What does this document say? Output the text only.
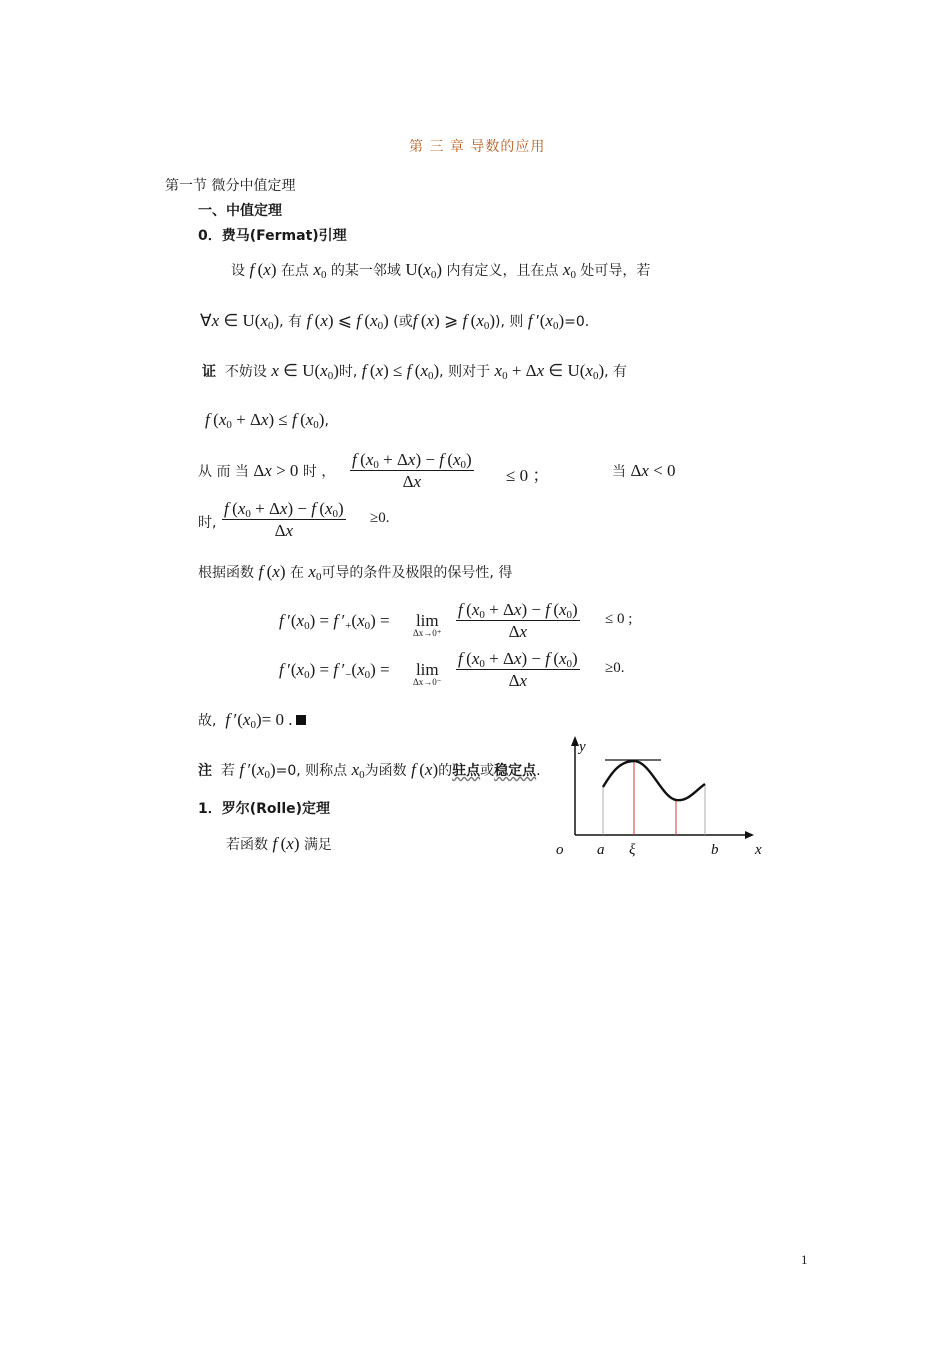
第 三 章 导数的应用
第一节 微分中值定理
一、中值定理
0．费马(Fermat)引理
设 f (x) 在点 $x_0$ 的某一邻域 $U(x_0)$ 内有定义，且在点 $x_0$ 处可导，若
∀x ∈ $U(x_0)$, 有 f (x) ⩽ f $(x_0)$ (或f (x) ⩾ f $(x_0)$), 则 f $'(x_0)=0$.
证 不妨设 x ∈ $U(x_0)$时, f (x) ≤ f $(x_0)$, 则对于 $x_0 + \Delta x$ ∈ $U(x_0)$, 有
f $(x_0 + \Delta x) \le f$ $(x_0)$,
从 而 当 Δx > 0 时 ， $\frac{f (x_0 + \Delta x) - f (x_0)}{\Delta x} \le 0$ ；	当 Δx < 0
时, $\frac{f (x_0 + \Delta x) - f (x_0)}{\Delta x} \ge 0$.
根据函数 f (x) 在 $x_0$可导的条件及极限的保号性, 得
f $'(x_0) = f$ $'_+(x_0) = \lim$
$\Delta x\to 0^+ \frac{f (x_0 + \Delta x) - f (x_0)}{\Delta x} \le 0$ ;
f $'(x_0) = f$ $'_-(x_0) = \lim$
$\Delta x\to 0^- \frac{f (x_0 + \Delta x) - f (x_0)}{\Delta x} \ge 0$.
故, f $'(x_0)= 0$ .
注 若 f $'(x_0)=0$, 则称点 $x_0$为函数 f (x)的驻点或稳定点.
1．罗尔(Rolle)定理
若函数 f (x) 满足
y
o a ξ	b x
1
